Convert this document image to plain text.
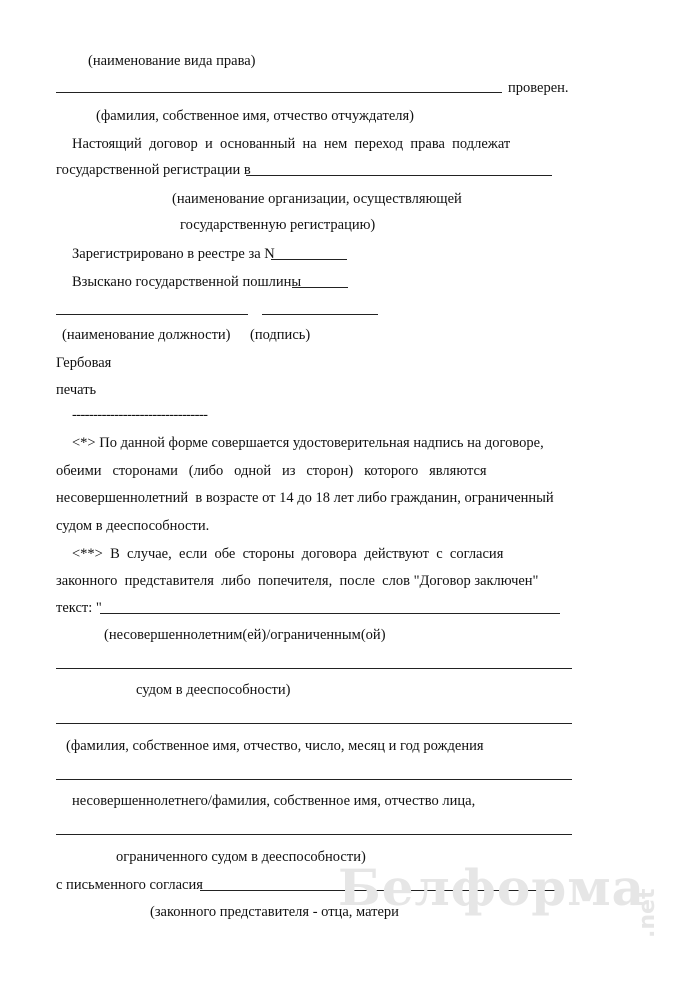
(наименование вида права)
проверен.
(фамилия, собственное имя, отчество отчуждателя)
Настоящий  договор  и  основанный  на  нем  переход  права  подлежат
государственной регистрации в
(наименование организации, осуществляющей
государственную регистрацию)
Зарегистрировано в реестре за N
Взыскано государственной пошлины
(наименование должности) (подпись)
Гербовая
печать
--------------------------------
<*> По данной форме совершается удостоверительная надпись на договоре,
обеими   сторонами   (либо   одной   из   сторон)   которого   являются
несовершеннолетний  в возрасте от 14 до 18 лет либо гражданин, ограниченный
судом в дееспособности.
<**>  В  случае,  если  обе  стороны  договора  действуют  с  согласия
законного  представителя  либо  попечителя,  после  слов "Договор заключен"
текст: "
(несовершеннолетним(ей)/ограниченным(ой)
судом в дееспособности)
(фамилия, собственное имя, отчество, число, месяц и год рождения
несовершеннолетнего/фамилия, собственное имя, отчество лица,
ограниченного судом в дееспособности)
с письменного согласия
(законного представителя - отца, матери
Белформа
.net
